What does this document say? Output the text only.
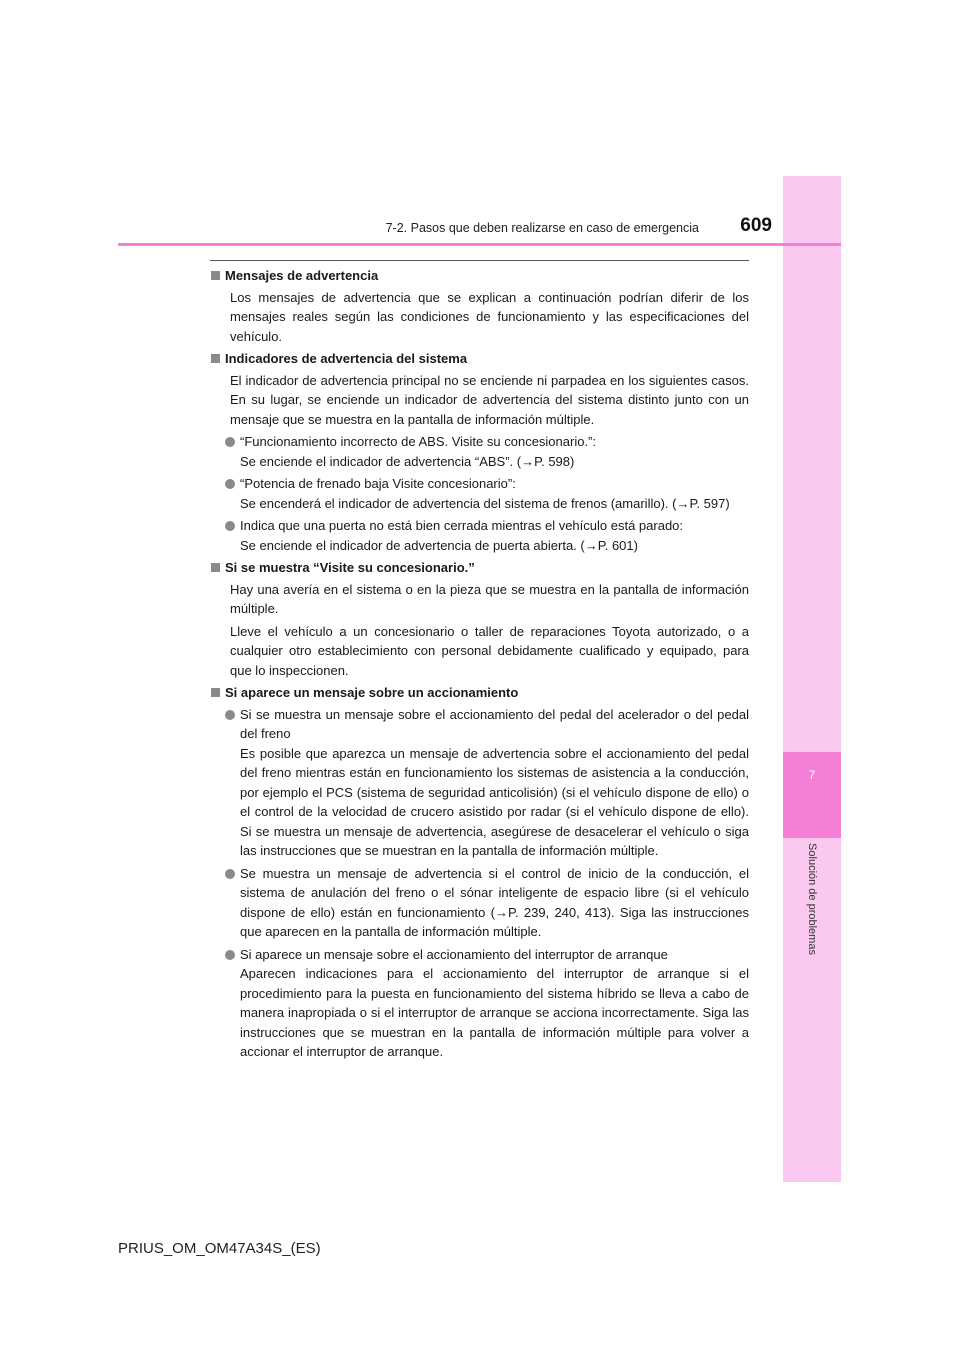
7
Solución de problemas
7-2. Pasos que deben realizarse en caso de emergencia	609
Mensajes de advertencia

Los mensajes de advertencia que se explican a continuación podrían diferir de los mensajes reales según las condiciones de funcionamiento y las especificaciones del vehículo.

Indicadores de advertencia del sistema

El indicador de advertencia principal no se enciende ni parpadea en los siguientes casos. En su lugar, se enciende un indicador de advertencia del sistema distinto junto con un mensaje que se muestra en la pantalla de información múltiple.

“Funcionamiento incorrecto de ABS. Visite su concesionario.”:
Se enciende el indicador de advertencia “ABS”. (→P. 598)
“Potencia de frenado baja Visite concesionario”:
Se encenderá el indicador de advertencia del sistema de frenos (amarillo). (→P. 597)
Indica que una puerta no está bien cerrada mientras el vehículo está parado:
Se enciende el indicador de advertencia de puerta abierta. (→P. 601)
Si se muestra “Visite su concesionario.”

Hay una avería en el sistema o en la pieza que se muestra en la pantalla de información múltiple.

Lleve el vehículo a un concesionario o taller de reparaciones Toyota autorizado, o a cualquier otro establecimiento con personal debidamente cualificado y equipado, para que lo inspeccionen.

Si aparece un mensaje sobre un accionamiento
Si se muestra un mensaje sobre el accionamiento del pedal del acelerador o del pedal del freno
Es posible que aparezca un mensaje de advertencia sobre el accionamiento del pedal del freno mientras están en funcionamiento los sistemas de asistencia a la conducción, por ejemplo el PCS (sistema de seguridad anticolisión) (si el vehículo dispone de ello) o el control de la velocidad de crucero asistido por radar (si el vehículo dispone de ello). Si se muestra un mensaje de advertencia, asegúrese de desacelerar el vehículo o siga las instrucciones que se muestran en la pantalla de información múltiple.
Se muestra un mensaje de advertencia si el control de inicio de la conducción, el sistema de anulación del freno o el sónar inteligente de espacio libre (si el vehículo dispone de ello) están en funcionamiento (→P. 239, 240, 413). Siga las instrucciones que aparecen en la pantalla de información múltiple.
Si aparece un mensaje sobre el accionamiento del interruptor de arranque
Aparecen indicaciones para el accionamiento del interruptor de arranque si el procedimiento para la puesta en funcionamiento del sistema híbrido se lleva a cabo de manera inapropiada o si el interruptor de arranque se acciona incorrectamente. Siga las instrucciones que se muestran en la pantalla de información múltiple para volver a accionar el interruptor de arranque.
PRIUS_OM_OM47A34S_(ES)
